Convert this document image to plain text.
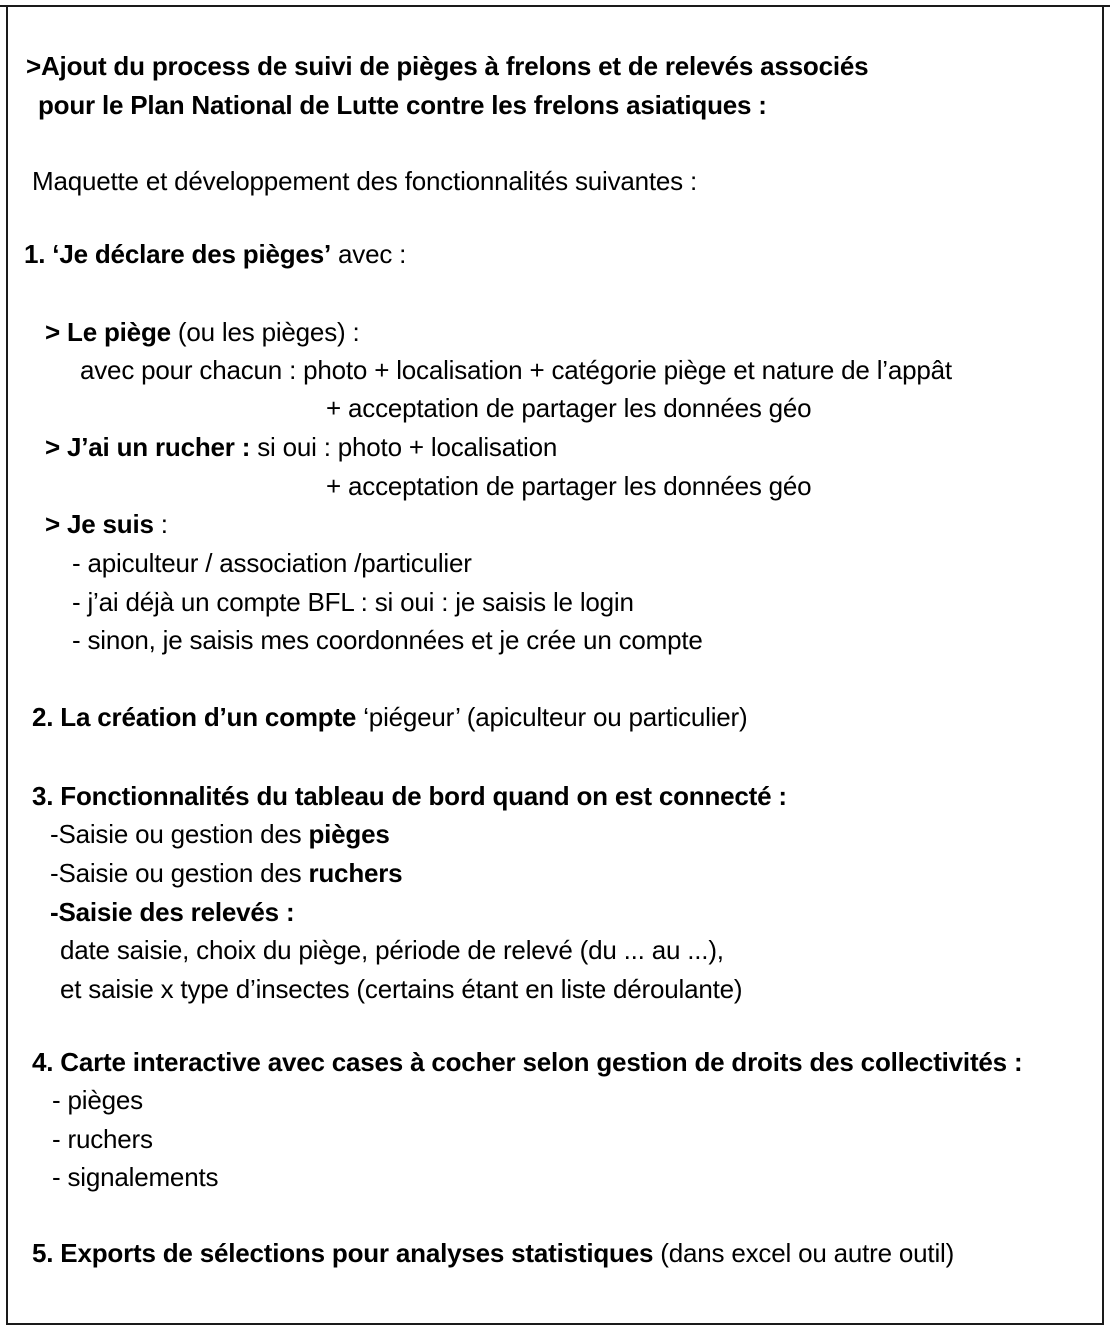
>Ajout du process de suivi de pièges à frelons et de relevés associés
pour le Plan National de Lutte contre les frelons asiatiques :
Maquette et développement des fonctionnalités suivantes :
1. ‘Je déclare des pièges’ avec :
> Le piège (ou les pièges) :
avec pour chacun : photo + localisation + catégorie piège et nature de l’appât
+ acceptation de partager les données géo
> J’ai un rucher : si oui : photo + localisation
+ acceptation de partager les données géo
> Je suis :
- apiculteur / association /particulier
- j’ai déjà un compte BFL : si oui : je saisis le login
- sinon, je saisis mes coordonnées et je crée un compte
2. La création d’un compte ‘piégeur’ (apiculteur ou particulier)
3. Fonctionnalités du tableau de bord quand on est connecté :
-Saisie ou gestion des pièges
-Saisie ou gestion des ruchers
-Saisie des relevés :
date saisie, choix du piège, période de relevé (du ... au ...),
et saisie x type d’insectes (certains étant en liste déroulante)
4. Carte interactive avec cases à cocher selon gestion de droits des collectivités :
- pièges
- ruchers
- signalements
5. Exports de sélections pour analyses statistiques (dans excel ou autre outil)
